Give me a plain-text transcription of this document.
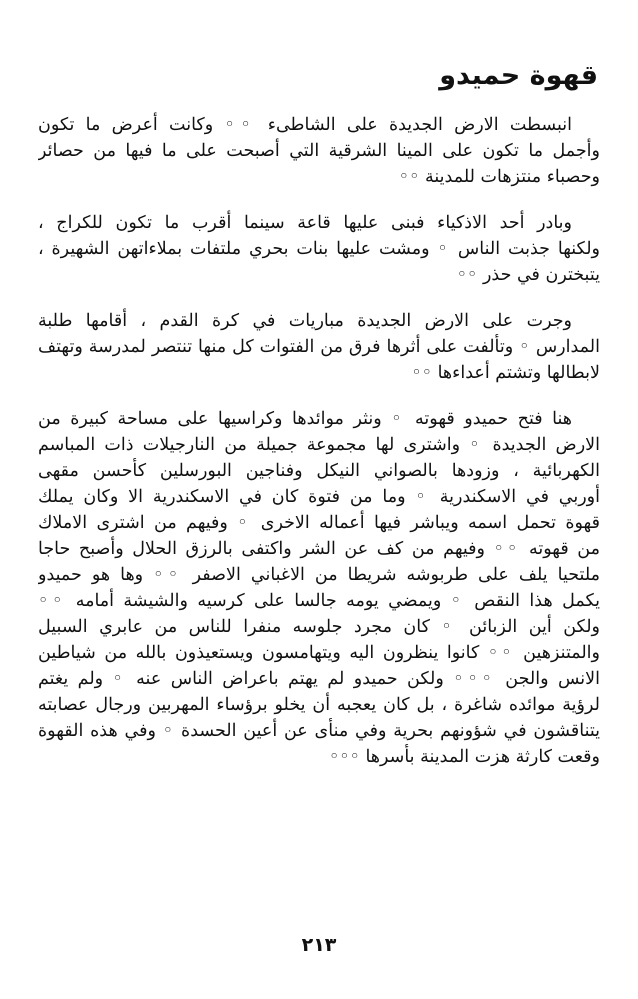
قهوة حميدو
انبسطت الارض الجديدة على الشاطىء ◦◦ وكانت أعرض ما تكون
وأجمل ما تكون على المينا الشرقية التي أصبحت على ما فيها من حصائر
وحصباء منتزهات للمدينة ◦◦
وبادر أحد الاذكياء فبنى عليها قاعة سينما أقرب ما تكون للكراج ،
ولكنها جذبت الناس ◦ ومشت عليها بنات بحري ملتفات بملاءاتهن الشهيرة ،
يتبخترن في حذر ◦◦
وجرت على الارض الجديدة مباريات في كرة القدم ، أقامها طلبة
المدارس ◦ وتألفت على أثرها فرق من الفتوات كل منها تنتصر لمدرسة وتهتف
لابطالها وتشتم أعداءها ◦◦
هنا فتح حميدو قهوته ◦ ونثر موائدها وكراسيها على مساحة كبيرة من
الارض الجديدة ◦ واشترى لها مجموعة جميلة من النارجيلات ذات المباسم
الكهربائية ، وزودها بالصواني النيكل وفناجين البورسلين كأحسن مقهى
أوربي في الاسكندرية ◦ وما من فتوة كان في الاسكندرية الا وكان يملك
قهوة تحمل اسمه ويباشر فيها أعماله الاخرى ◦ وفيهم من اشترى الاملاك
من قهوته ◦◦ وفيهم من كف عن الشر واكتفى بالرزق الحلال وأصبح حاجا
ملتحيا يلف على طربوشه شريطا من الاغباني الاصفر ◦◦ وها هو حميدو
يكمل هذا النقص ◦ ويمضي يومه جالسا على كرسيه والشيشة أمامه ◦◦
ولكن أين الزبائن ◦ كان مجرد جلوسه منفرا للناس من عابري السبيل
والمتنزهين ◦◦ كانوا ينظرون اليه ويتهامسون ويستعيذون بالله من شياطين
الانس والجن ◦◦◦ ولكن حميدو لم يهتم باعراض الناس عنه ◦ ولم يغتم
لرؤية موائده شاغرة ، بل كان يعجبه أن يخلو برؤساء المهربين ورجال عصابته
يتناقشون في شؤونهم بحرية وفي منأى عن أعين الحسدة ◦ وفي هذه القهوة
وقعت كارثة هزت المدينة بأسرها ◦◦◦
٢١٣
